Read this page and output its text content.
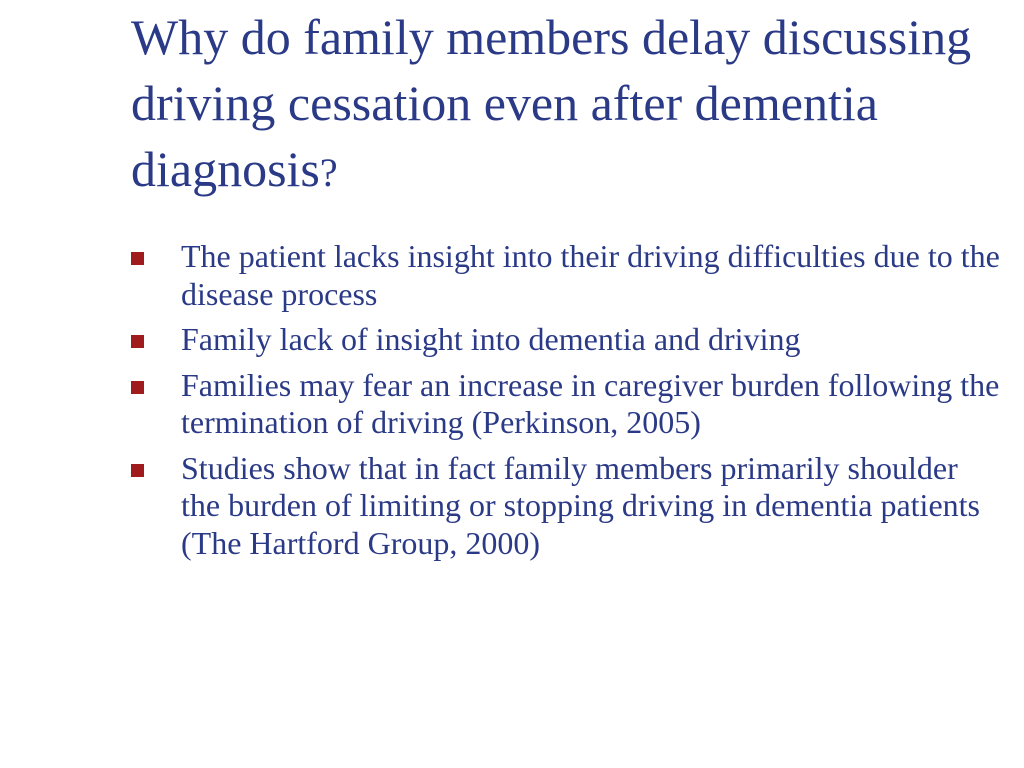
Why do family members delay discussing driving cessation even after dementia diagnosis?
The patient lacks insight into their driving difficulties due to the disease process
Family lack of insight into dementia and driving
Families may fear an increase in caregiver burden following the termination of driving (Perkinson, 2005)
Studies show that in fact family members primarily shoulder the burden of limiting or stopping driving in dementia patients (The Hartford Group, 2000)
